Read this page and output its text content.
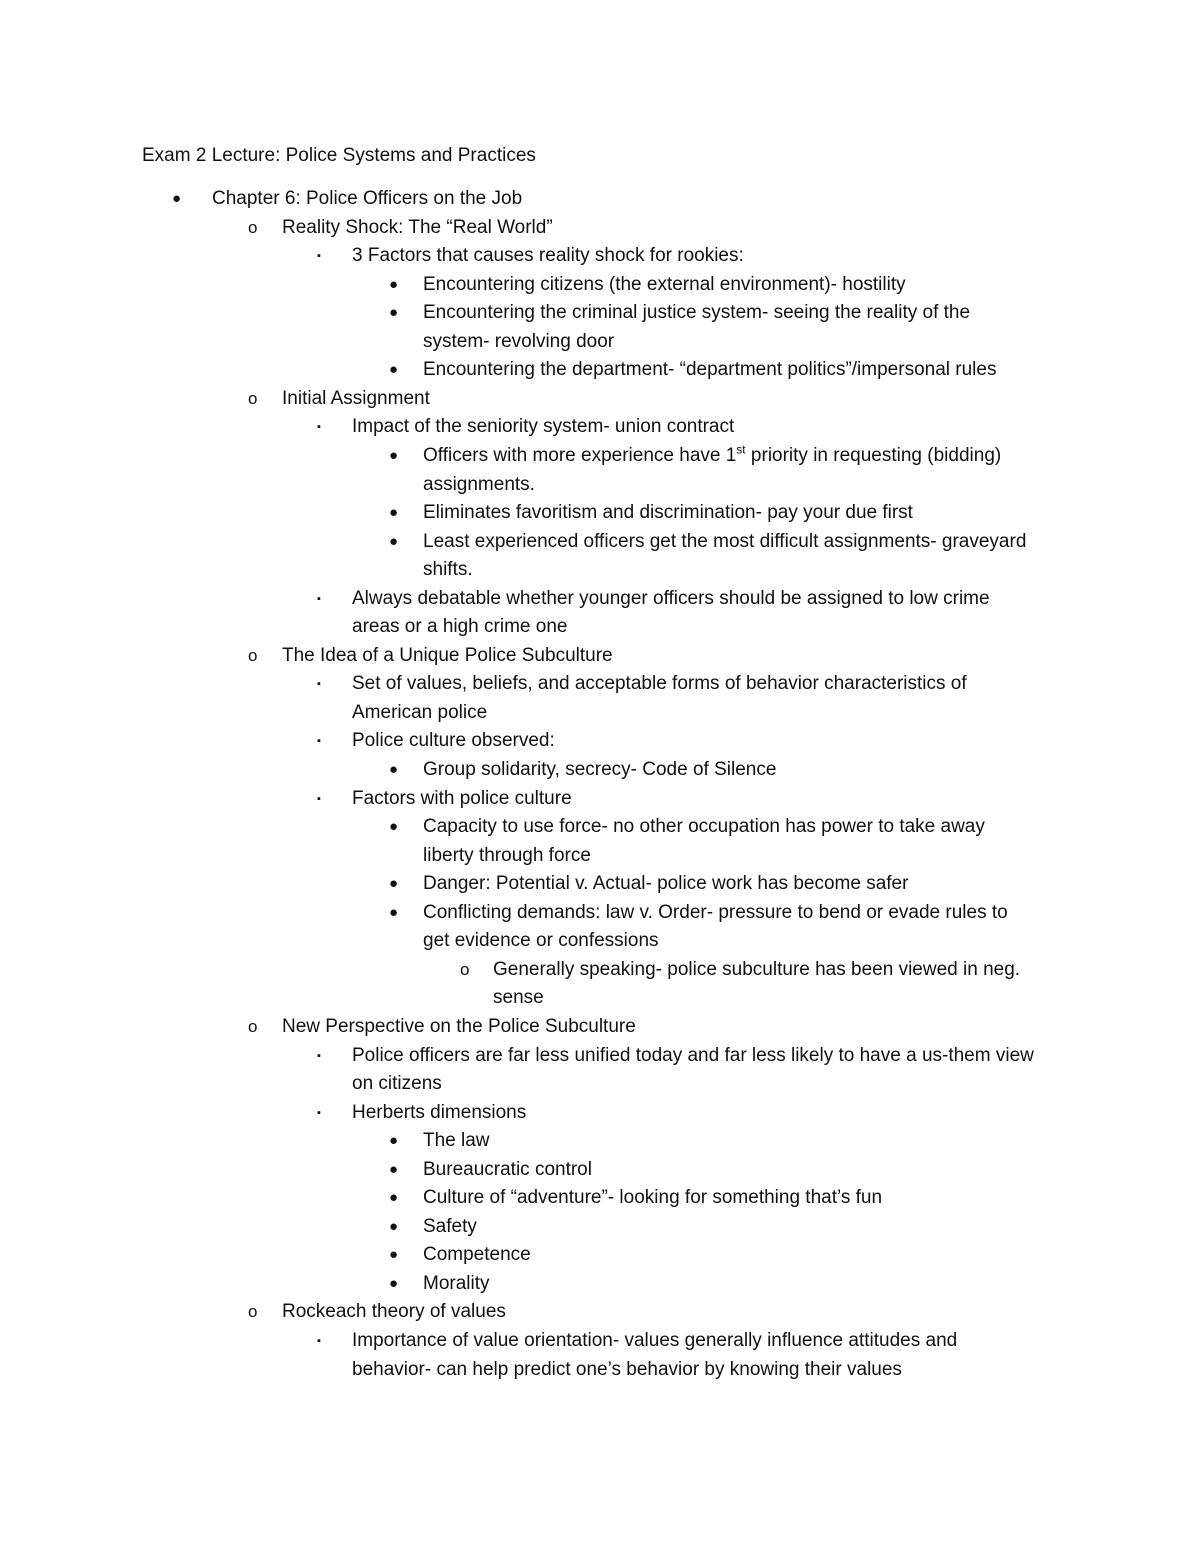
Exam 2 Lecture: Police Systems and Practices
● Chapter 6: Police Officers on the Job
o Reality Shock: The “Real World”
▪ 3 Factors that causes reality shock for rookies:
● Encountering citizens (the external environment)- hostility
● Encountering the criminal justice system- seeing the reality of the
system- revolving door
● Encountering the department- “department politics”/impersonal rules
o Initial Assignment
▪ Impact of the seniority system- union contract
● Officers with more experience have 1st priority in requesting (bidding)
assignments.
● Eliminates favoritism and discrimination- pay your due first
● Least experienced officers get the most difficult assignments- graveyard
shifts.
▪ Always debatable whether younger officers should be assigned to low crime
areas or a high crime one
o The Idea of a Unique Police Subculture
▪ Set of values, beliefs, and acceptable forms of behavior characteristics of
American police
▪ Police culture observed:
● Group solidarity, secrecy- Code of Silence
▪ Factors with police culture
● Capacity to use force- no other occupation has power to take away
liberty through force
● Danger: Potential v. Actual- police work has become safer
● Conflicting demands: law v. Order- pressure to bend or evade rules to
get evidence or confessions
o Generally speaking- police subculture has been viewed in neg.
sense
o New Perspective on the Police Subculture
▪ Police officers are far less unified today and far less likely to have a us-them view
on citizens
▪ Herberts dimensions
● The law
● Bureaucratic control
● Culture of “adventure”- looking for something that’s fun
● Safety
● Competence
● Morality
o Rockeach theory of values
▪ Importance of value orientation- values generally influence attitudes and
behavior- can help predict one’s behavior by knowing their values
